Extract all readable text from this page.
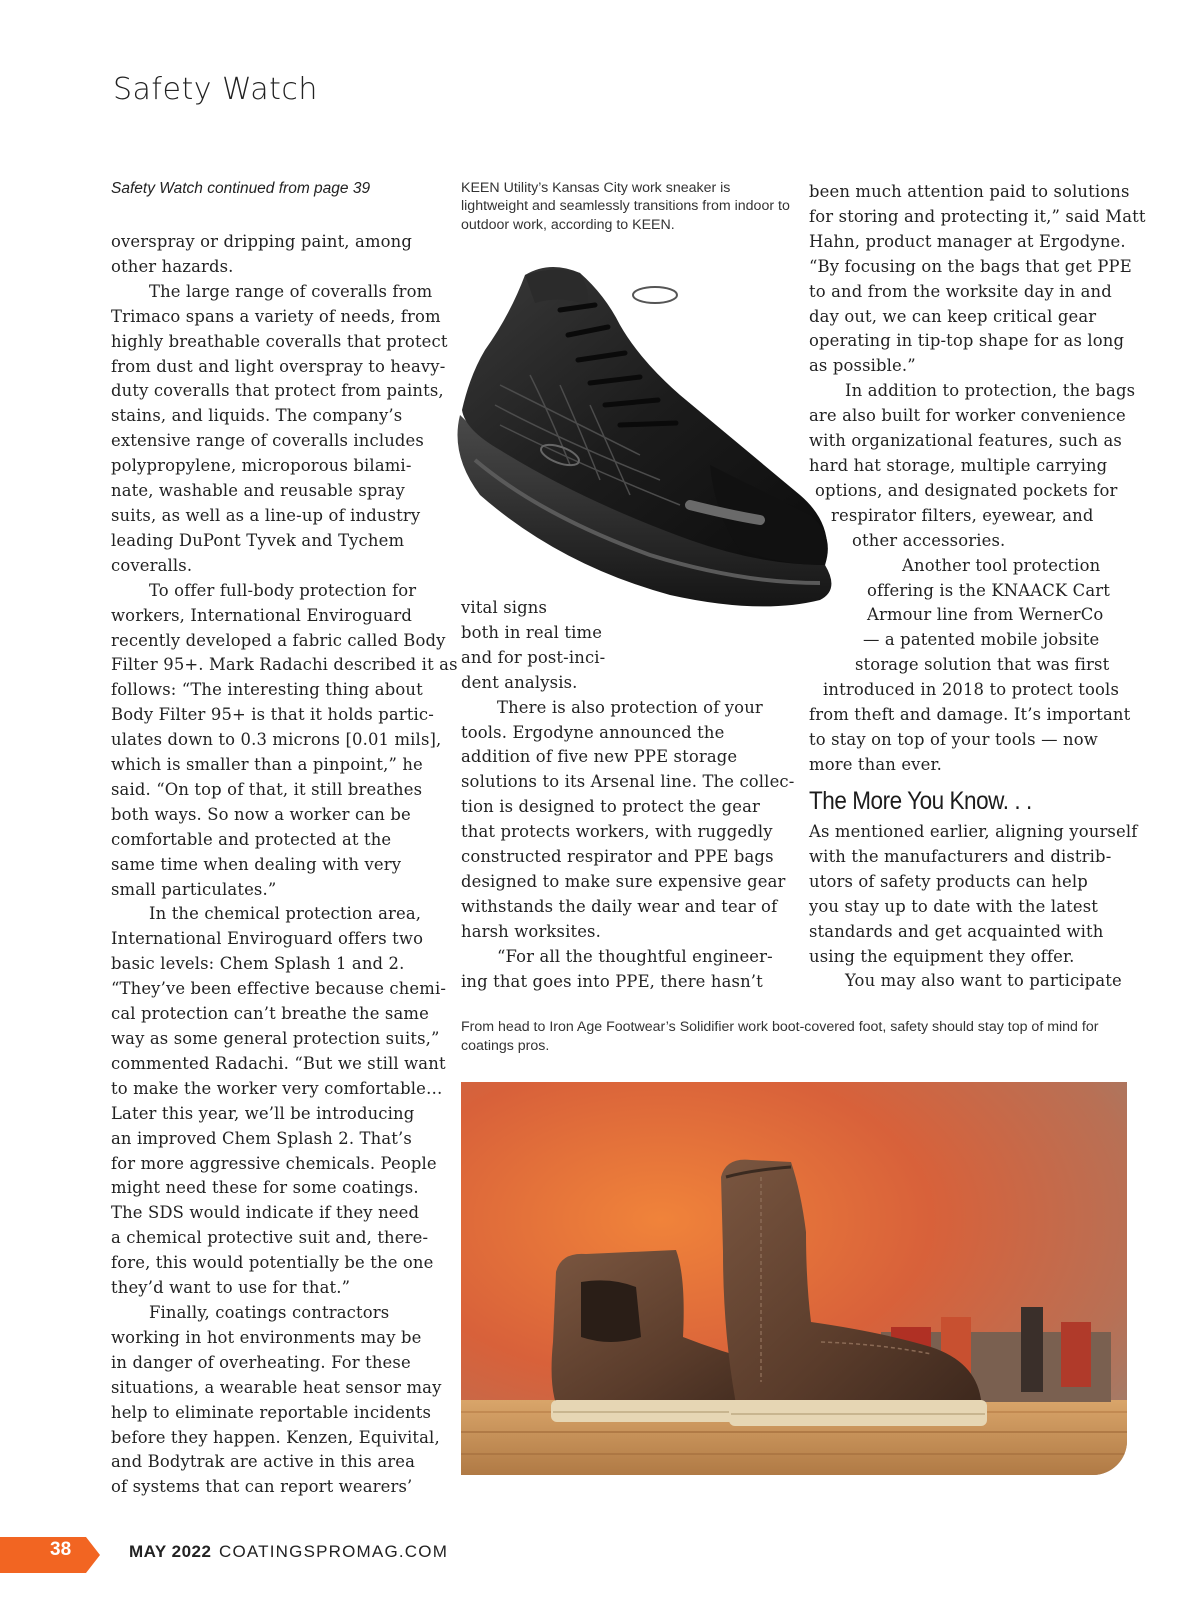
Safety Watch
Safety Watch continued from page 39
overspray or dripping paint, among
other hazards.
The large range of coveralls from
Trimaco spans a variety of needs, from
highly breathable coveralls that protect
from dust and light overspray to heavy-
duty coveralls that protect from paints,
stains, and liquids. The company’s
extensive range of coveralls includes
polypropylene, microporous bilami-
nate, washable and reusable spray
suits, as well as a line-up of industry
leading DuPont Tyvek and Tychem
coveralls.
To offer full-body protection for
workers, International Enviroguard
recently developed a fabric called Body
Filter 95+. Mark Radachi described it as
follows: “The interesting thing about
Body Filter 95+ is that it holds partic-
ulates down to 0.3 microns [0.01 mils],
which is smaller than a pinpoint,” he
said. “On top of that, it still breathes
both ways. So now a worker can be
comfortable and protected at the
same time when dealing with very
small particulates.”
In the chemical protection area,
International Enviroguard offers two
basic levels: Chem Splash 1 and 2.
“They’ve been effective because chemi-
cal protection can’t breathe the same
way as some general protection suits,”
commented Radachi. “But we still want
to make the worker very comfortable…
Later this year, we’ll be introducing
an improved Chem Splash 2. That’s
for more aggressive chemicals. People
might need these for some coatings.
The SDS would indicate if they need
a chemical protective suit and, there-
fore, this would potentially be the one
they’d want to use for that.”
Finally, coatings contractors
working in hot environments may be
in danger of overheating. For these
situations, a wearable heat sensor may
help to eliminate reportable incidents
before they happen. Kenzen, Equivital,
and Bodytrak are active in this area
of systems that can report wearers’
KEEN Utility’s Kansas City work sneaker is lightweight and seamlessly transitions from indoor to outdoor work, according to KEEN.
vital signs
both in real time
and for post-inci-
dent analysis.
There is also protection of your
tools. Ergodyne announced the
addition of five new PPE storage
solutions to its Arsenal line. The collec-
tion is designed to protect the gear
that protects workers, with ruggedly
constructed respirator and PPE bags
designed to make sure expensive gear
withstands the daily wear and tear of
harsh worksites.
“For all the thoughtful engineer-
ing that goes into PPE, there hasn’t
been much attention paid to solutions
for storing and protecting it,” said Matt
Hahn, product manager at Ergodyne.
“By focusing on the bags that get PPE
to and from the worksite day in and
day out, we can keep critical gear
operating in tip-top shape for as long
as possible.”
In addition to protection, the bags
are also built for worker convenience
with organizational features, such as
hard hat storage, multiple carrying
options, and designated pockets for
respirator filters, eyewear, and
other accessories.
Another tool protection
offering is the KNAACK Cart
Armour line from WernerCo
— a patented mobile jobsite
storage solution that was first
introduced in 2018 to protect tools
from theft and damage. It’s important
to stay on top of your tools — now
more than ever.
The More You Know. . .
As mentioned earlier, aligning yourself
with the manufacturers and distrib-
utors of safety products can help
you stay up to date with the latest
standards and get acquainted with
using the equipment they offer.
You may also want to participate
From head to Iron Age Footwear’s Solidifier work boot-covered foot, safety should stay top of mind for coatings pros.
38	MAY 2022 COATINGSPROMAG.COM
